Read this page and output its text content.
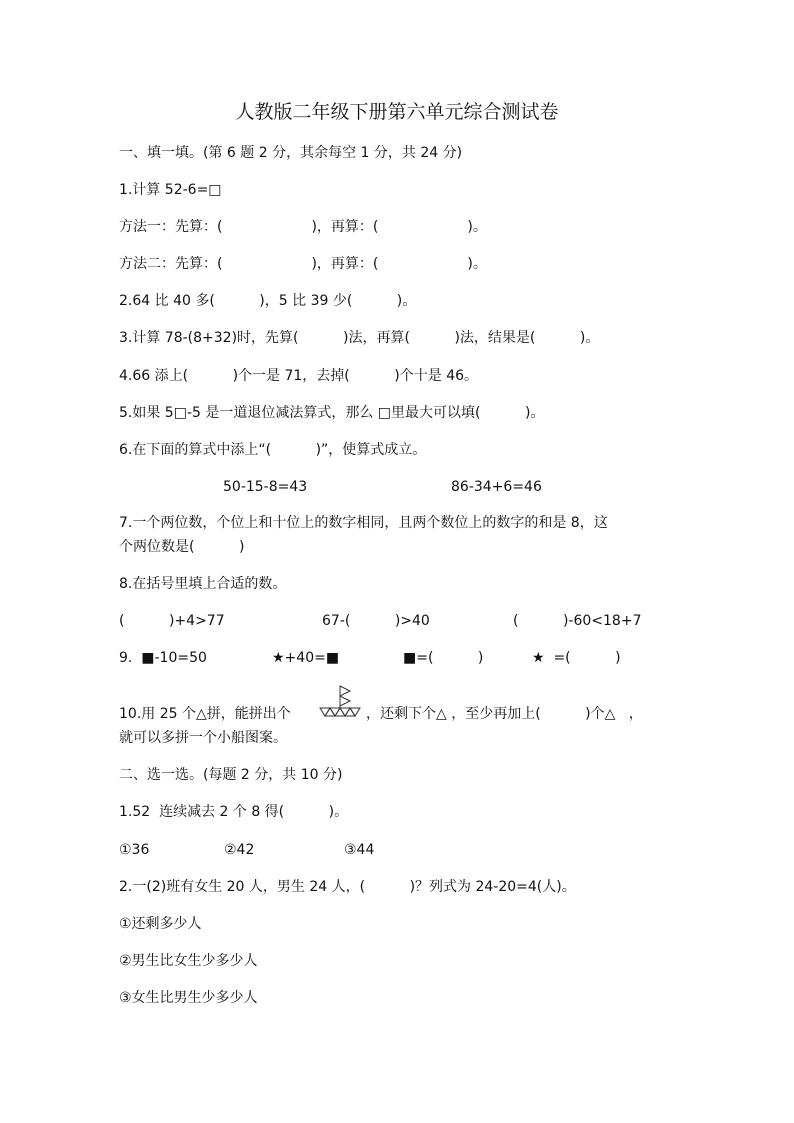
人教版二年级下册第六单元综合测试卷
一、填一填。(第 6 题 2 分，其余每空 1 分，共 24 分)
1.计算 52-6=□
方法一：先算：(                    )，再算：(                    )。
方法二：先算：(                    )，再算：(                    )。
2.64 比 40 多(          )，5 比 39 少(          )。
3.计算 78-(8+32)时，先算(          )法，再算(          )法，结果是(          )。
4.66 添上(          )个一是 71，去掉(          )个十是 46。
5.如果 5□-5 是一道退位减法算式，那么 □里最大可以填(          )。
6.在下面的算式中添上“(          )”，使算式成立。
50-15-8=43	86-34+6=46
7.一个两位数，个位上和十位上的数字相同，且两个数位上的数字的和是 8，这
个两位数是(          )
8.在括号里填上合适的数。
(          )+4>77	67-(          )>40	(          )-60<18+7
9.  ■-10=50	★+40=■	■=(          )	★  =(          )
10.用 25 个△拼，能拼出个	，还剩下个△ ，至少再加上(          )个△   ，
就可以多拼一个小船图案。
二、选一选。(每题 2 分，共 10 分)
1.52  连续减去 2 个 8 得(          )。
①36	②42	③44
2.一(2)班有女生 20 人，男生 24 人，(          )？列式为 24-20=4(人)。
①还剩多少人
②男生比女生少多少人
③女生比男生少多少人
